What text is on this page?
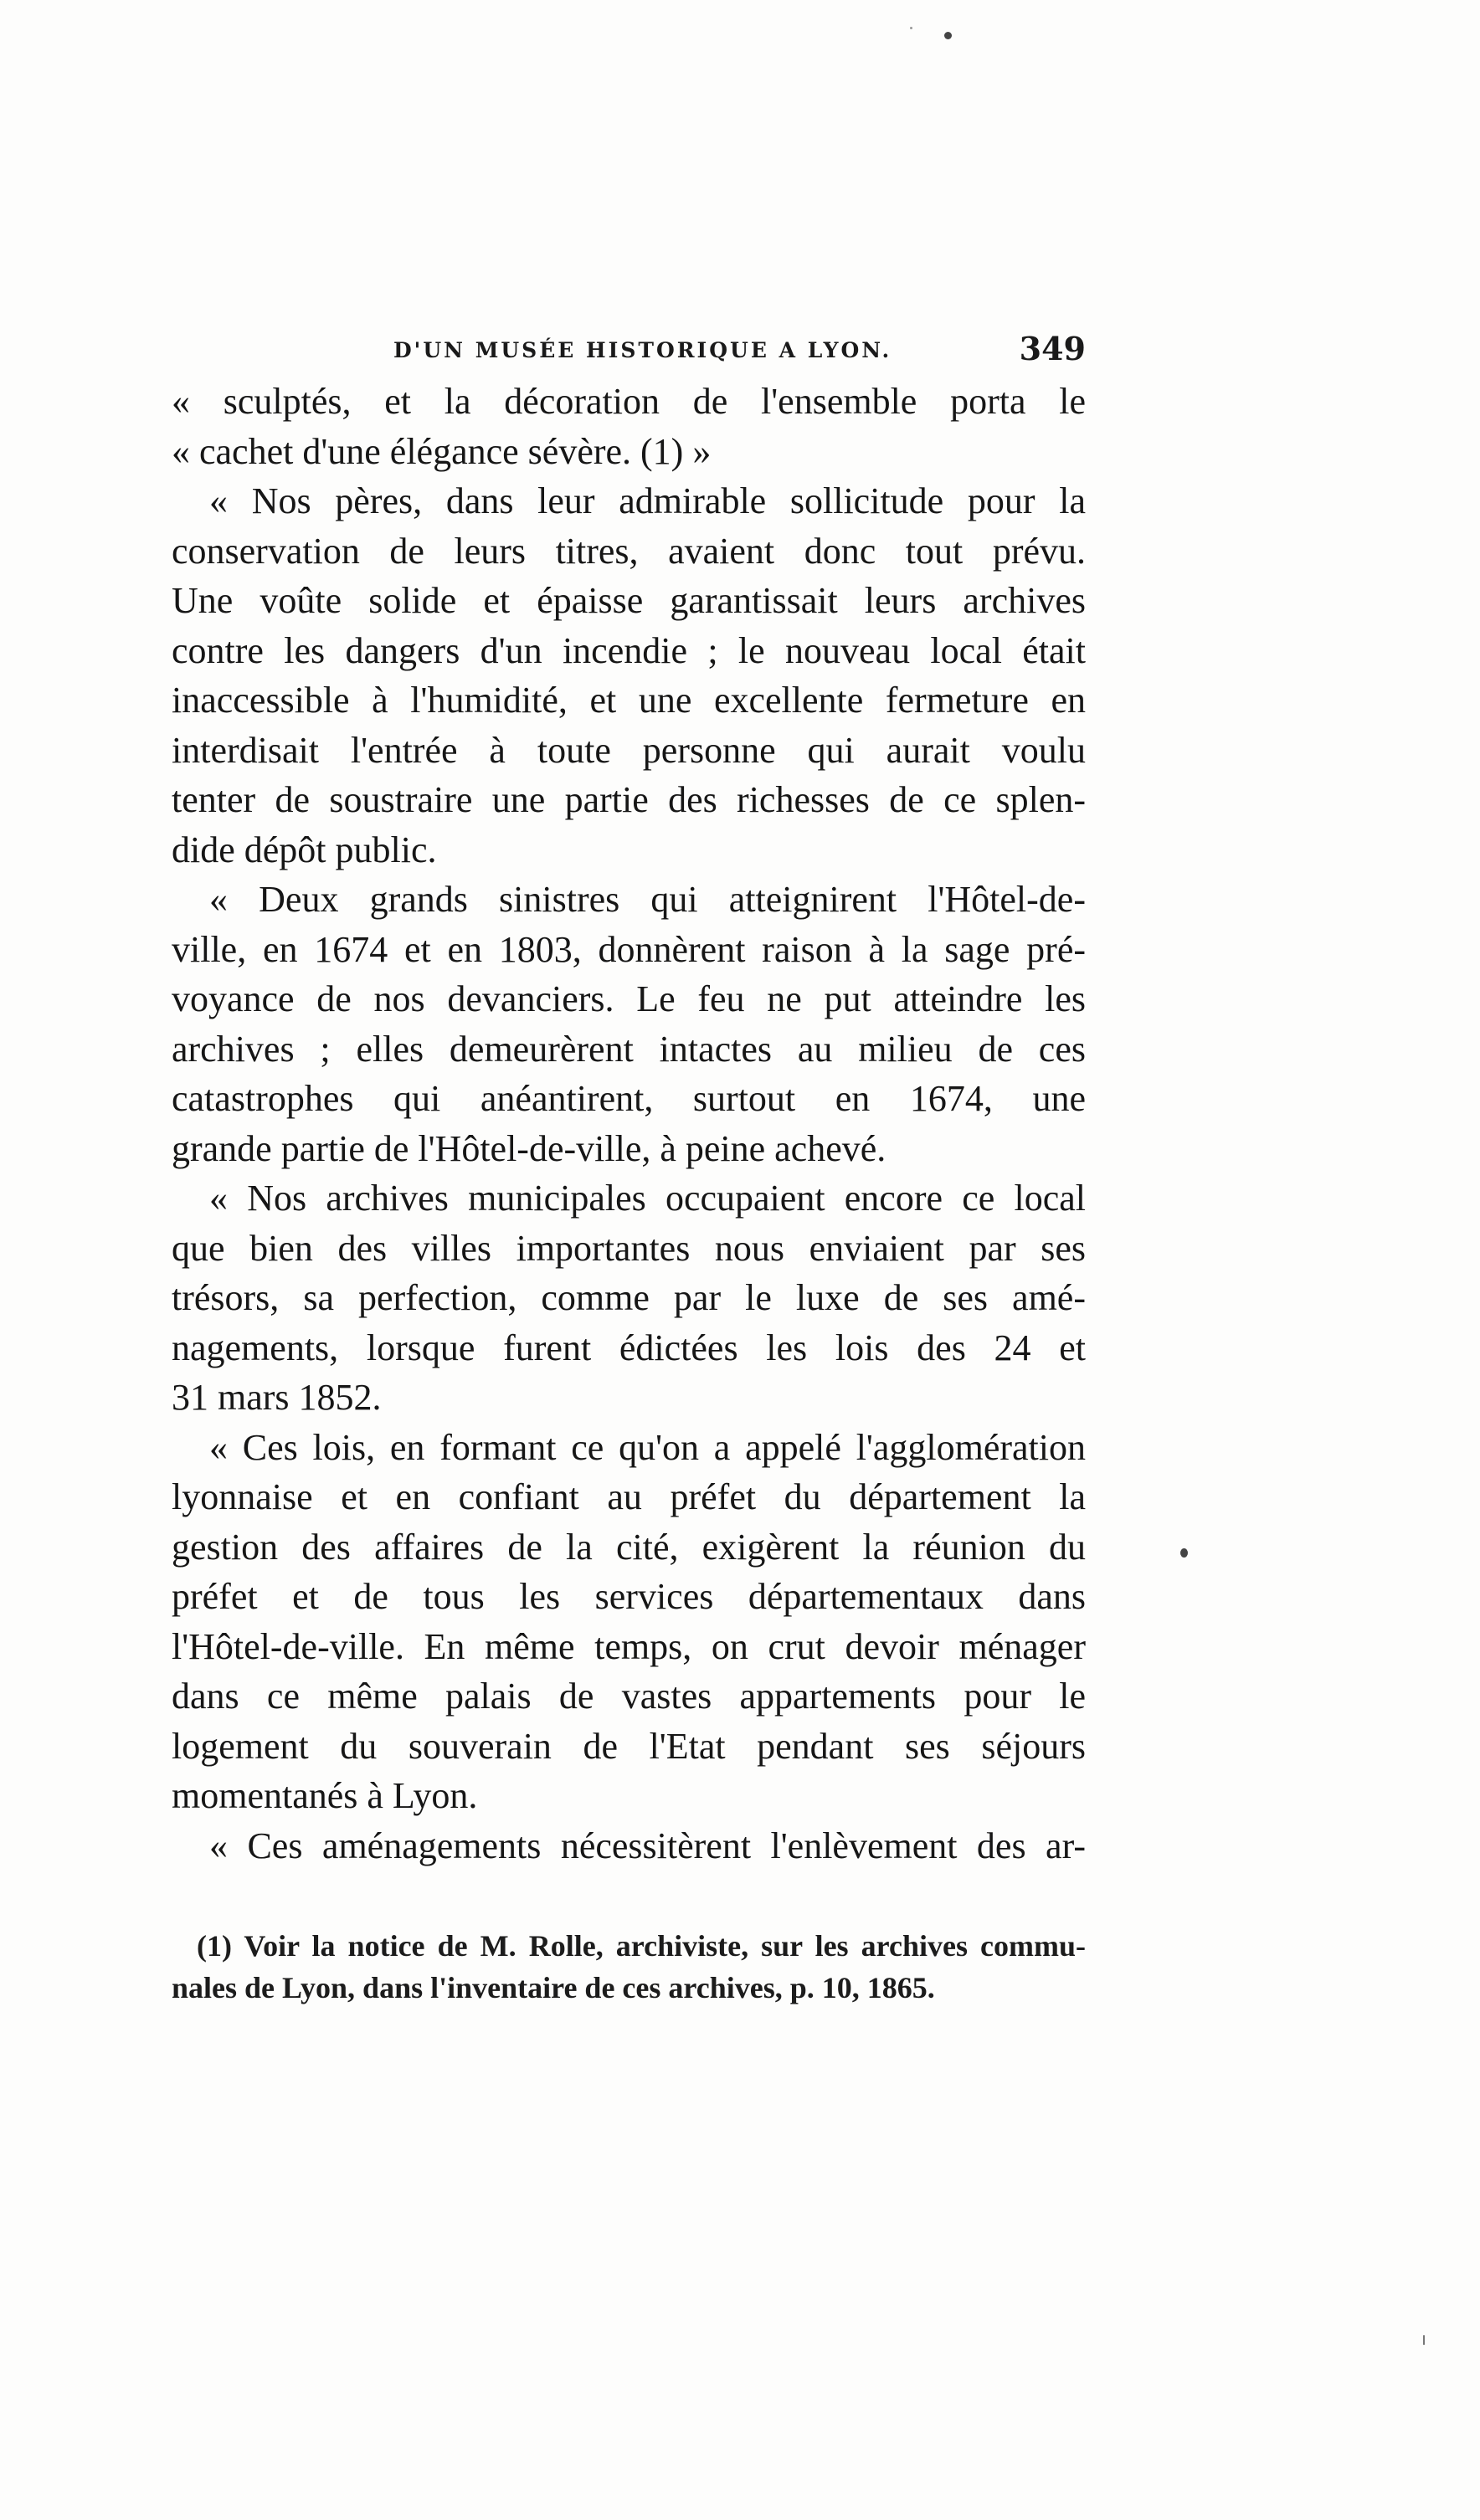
D'UN MUSÉE HISTORIQUE A LYON.	349
« sculptés, et la décoration de l'ensemble porta le
« cachet d'une élégance sévère. (1) »
« Nos pères, dans leur admirable sollicitude pour la
conservation de leurs titres, avaient donc tout prévu.
Une voûte solide et épaisse garantissait leurs archives
contre les dangers d'un incendie ; le nouveau local était
inaccessible à l'humidité, et une excellente fermeture en
interdisait l'entrée à toute personne qui aurait voulu
tenter de soustraire une partie des richesses de ce splen-
dide dépôt public.
« Deux grands sinistres qui atteignirent l'Hôtel-de-
ville, en 1674 et en 1803, donnèrent raison à la sage pré-
voyance de nos devanciers. Le feu ne put atteindre les
archives ; elles demeurèrent intactes au milieu de ces
catastrophes qui anéantirent, surtout en 1674, une
grande partie de l'Hôtel-de-ville, à peine achevé.
« Nos archives municipales occupaient encore ce local
que bien des villes importantes nous enviaient par ses
trésors, sa perfection, comme par le luxe de ses amé-
nagements, lorsque furent édictées les lois des 24 et
31 mars 1852.
« Ces lois, en formant ce qu'on a appelé l'agglomération
lyonnaise et en confiant au préfet du département la
gestion des affaires de la cité, exigèrent la réunion du
préfet et de tous les services départementaux dans
l'Hôtel-de-ville. En même temps, on crut devoir ménager
dans ce même palais de vastes appartements pour le
logement du souverain de l'Etat pendant ses séjours
momentanés à Lyon.
« Ces aménagements nécessitèrent l'enlèvement des ar-
(1) Voir la notice de M. Rolle, archiviste, sur les archives commu-
nales de Lyon, dans l'inventaire de ces archives, p. 10, 1865.
